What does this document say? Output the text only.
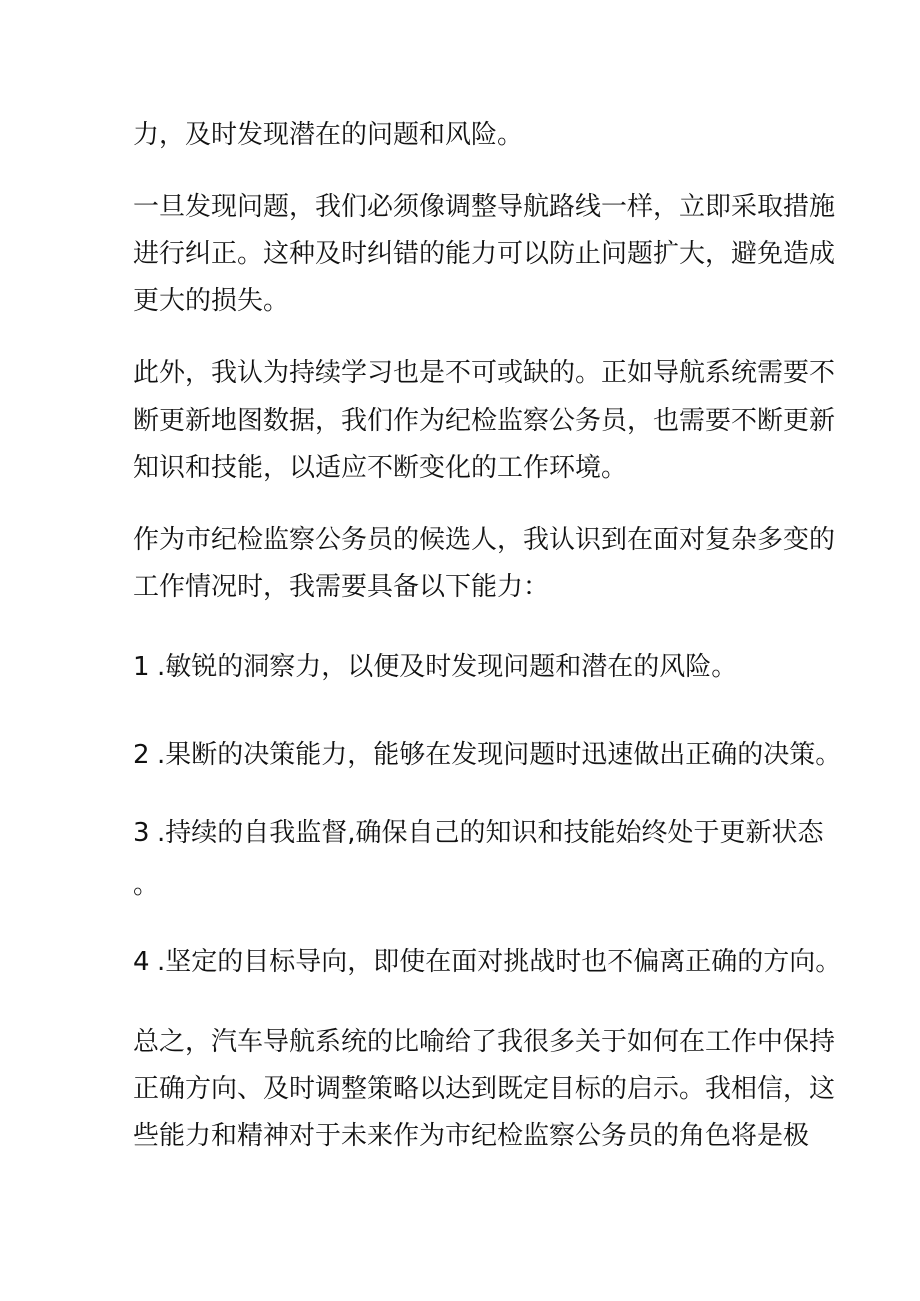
力，及时发现潜在的问题和风险。
一旦发现问题，我们必须像调整导航路线一样，立即采取措施
进行纠正。这种及时纠错的能力可以防止问题扩大，避免造成
更大的损失。
此外，我认为持续学习也是不可或缺的。正如导航系统需要不
断更新地图数据，我们作为纪检监察公务员，也需要不断更新
知识和技能，以适应不断变化的工作环境。
作为市纪检监察公务员的候选人，我认识到在面对复杂多变的
工作情况时，我需要具备以下能力：
1 .敏锐的洞察力，以便及时发现问题和潜在的风险。
2 .果断的决策能力，能够在发现问题时迅速做出正确的决策。
3 .持续的自我监督,确保自己的知识和技能始终处于更新状态
。
4 .坚定的目标导向，即使在面对挑战时也不偏离正确的方向。
总之，汽车导航系统的比喻给了我很多关于如何在工作中保持
正确方向、及时调整策略以达到既定目标的启示。我相信，这
些能力和精神对于未来作为市纪检监察公务员的角色将是极
